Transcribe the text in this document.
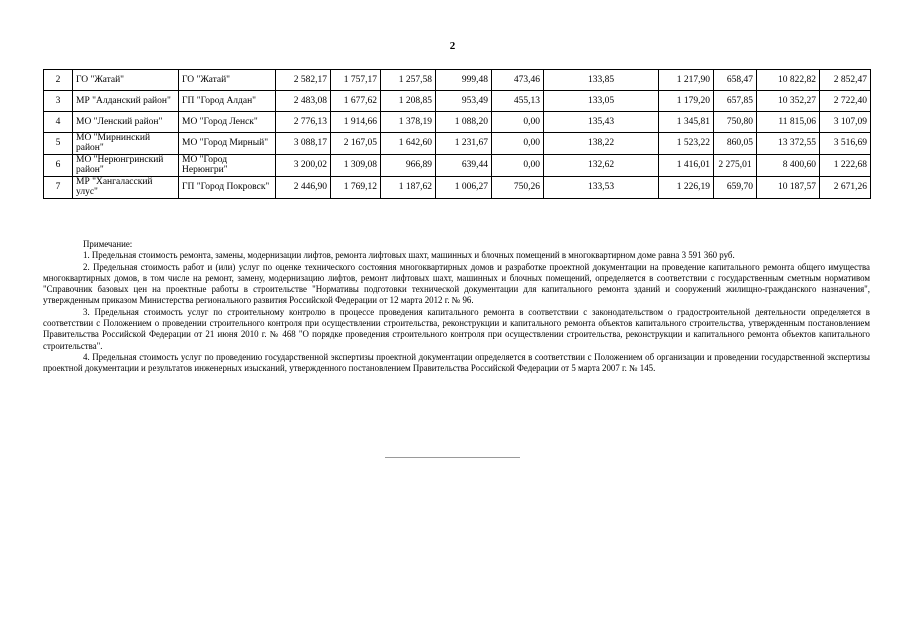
2
2	ГО "Жатай"	ГО "Жатай"	2 582,17	1 757,17	1 257,58	999,48	473,46	133,85	1 217,90	658,47	10 822,82	2 852,47
3	МР "Алданский район"	ГП "Город Алдан"	2 483,08	1 677,62	1 208,85	953,49	455,13	133,05	1 179,20	657,85	10 352,27	2 722,40
4	МО "Ленский район"	МО "Город Ленск"	2 776,13	1 914,66	1 378,19	1 088,20	0,00	135,43	1 345,81	750,80	11 815,06	3 107,09
5	МО "Мирнинский район"	МО "Город Мирный"	3 088,17	2 167,05	1 642,60	1 231,67	0,00	138,22	1 523,22	860,05	13 372,55	3 516,69
6	МО "Нерюнгринский район"	МО "Город Нерюнгри"	3 200,02	1 309,08	966,89	639,44	0,00	132,62	1 416,01	2 275,01	8 400,60	1 222,68
7	МР "Хангаласский улус"	ГП "Город Покровск"	2 446,90	1 769,12	1 187,62	1 006,27	750,26	133,53	1 226,19	659,70	10 187,57	2 671,26

Примечание:

1. Предельная стоимость ремонта, замены, модернизации лифтов, ремонта лифтовых шахт, машинных и блочных помещений в многоквартирном доме равна 3 591 360 руб.

2. Предельная стоимость работ и (или) услуг по оценке технического состояния многоквартирных домов и разработке проектной документации на проведение капитального ремонта общего имущества многоквартирных домов, в том числе на ремонт, замену, модернизацию лифтов, ремонт лифтовых шахт, машинных и блочных помещений, определяется в соответствии с государственным сметным нормативом "Справочник базовых цен на проектные работы в строительстве "Нормативы подготовки технической документации для капитального ремонта зданий и сооружений жилищно-гражданского назначения", утвержденным приказом Министерства регионального развития Российской Федерации от 12 марта 2012 г. № 96.

3. Предельная стоимость услуг по строительному контролю в процессе проведения капитального ремонта в соответствии с законодательством о градостроительной деятельности определяется в соответствии с Положением о проведении строительного контроля при осуществлении строительства, реконструкции и капитального ремонта объектов капитального строительства, утвержденным постановлением Правительства Российской Федерации от 21 июня 2010 г. № 468 "О порядке проведения строительного контроля при осуществлении строительства, реконструкции и капитального ремонта объектов капитального строительства".

4. Предельная стоимость услуг по проведению государственной экспертизы проектной документации определяется в соответствии с Положением об организации и проведении государственной экспертизы проектной документации и результатов инженерных изысканий, утвержденного постановлением Правительства Российской Федерации от 5 марта 2007 г. № 145.
